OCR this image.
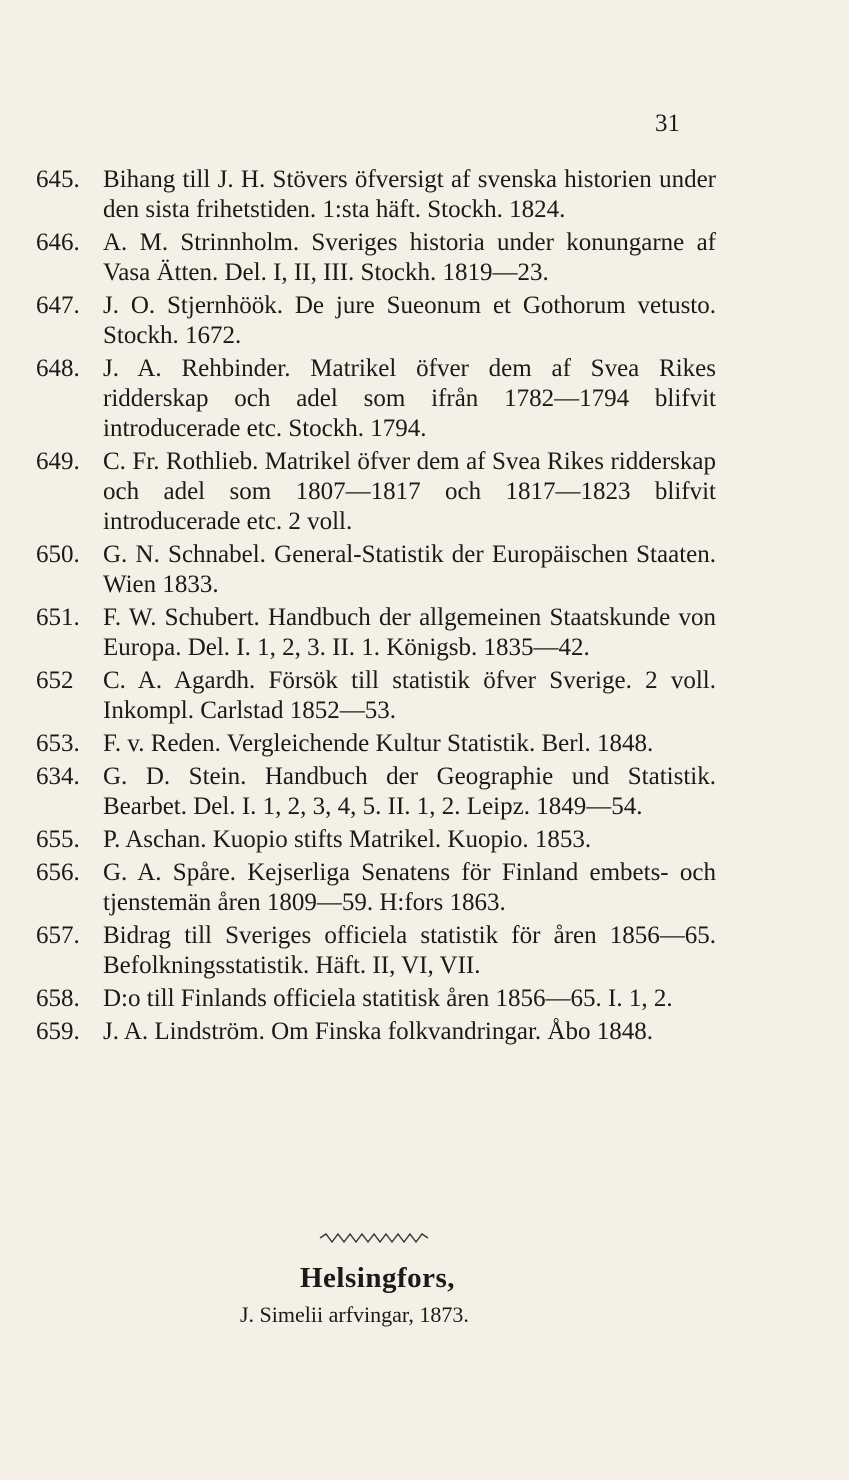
31
645. Bihang till J. H. Stövers öfversigt af svenska historien under den sista frihetstiden. 1:sta häft. Stockh. 1824.
646. A. M. Strinnholm. Sveriges historia under konungarne af Vasa Ätten. Del. I, II, III. Stockh. 1819—23.
647. J. O. Stjernhöök. De jure Sueonum et Gothorum vetusto. Stockh. 1672.
648. J. A. Rehbinder. Matrikel öfver dem af Svea Rikes ridderskap och adel som ifrån 1782—1794 blifvit introducerade etc. Stockh. 1794.
649. C. Fr. Rothlieb. Matrikel öfver dem af Svea Rikes ridderskap och adel som 1807—1817 och 1817—1823 blifvit introducerade etc. 2 voll.
650. G. N. Schnabel. General-Statistik der Europäischen Staaten. Wien 1833.
651. F. W. Schubert. Handbuch der allgemeinen Staatskunde von Europa. Del. I. 1, 2, 3. II. 1. Königsb. 1835—42.
652 C. A. Agardh. Försök till statistik öfver Sverige. 2 voll. Inkompl. Carlstad 1852—53.
653. F. v. Reden. Vergleichende Kultur Statistik. Berl. 1848.
634. G. D. Stein. Handbuch der Geographie und Statistik. Bearbet. Del. I. 1, 2, 3, 4, 5. II. 1, 2. Leipz. 1849—54.
655. P. Aschan. Kuopio stifts Matrikel. Kuopio. 1853.
656. G. A. Spåre. Kejserliga Senatens för Finland embets- och tjenstemän åren 1809—59. H:fors 1863.
657. Bidrag till Sveriges officiela statistik för åren 1856—65. Befolkningsstatistik. Häft. II, VI, VII.
658. D:o till Finlands officiela statitisk åren 1856—65. I. 1, 2.
659. J. A. Lindström. Om Finska folkvandringar. Åbo 1848.
Helsingfors,
J. Simelii arfvingar, 1873.
